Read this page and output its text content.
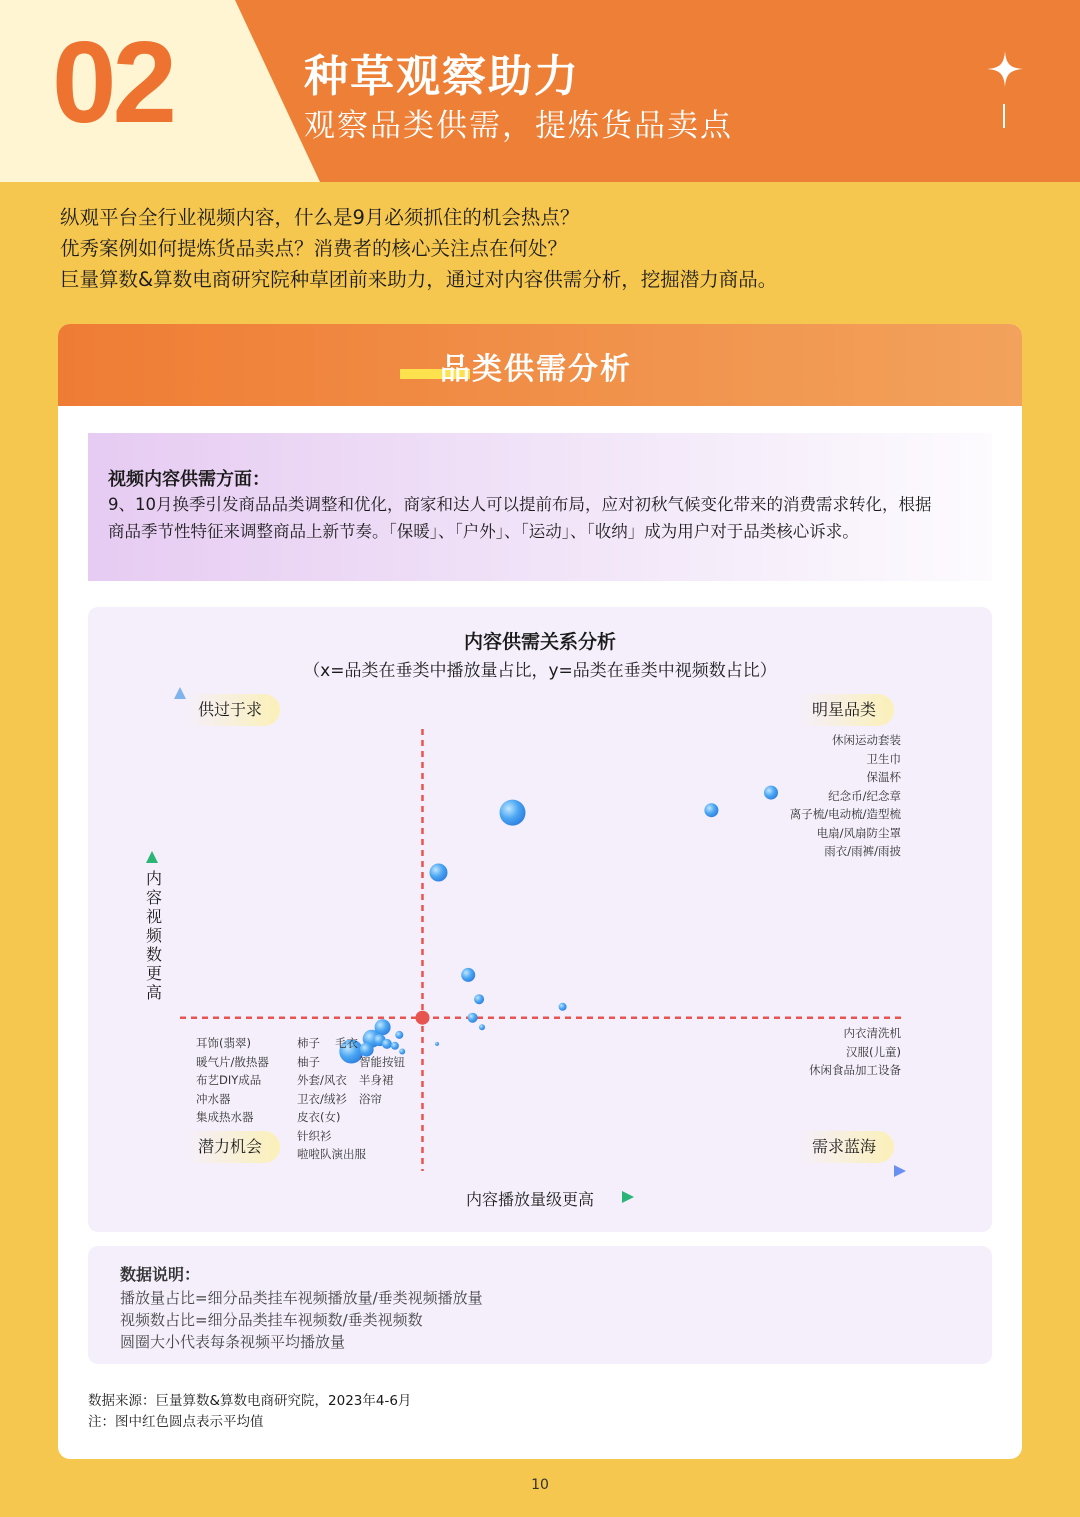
02	种草观察助力
观察品类供需，提炼货品卖点
纵观平台全行业视频内容，什么是9月必须抓住的机会热点？
优秀案例如何提炼货品卖点？消费者的核心关注点在何处？
巨量算数&算数电商研究院种草团前来助力，通过对内容供需分析，挖掘潜力商品。
品类供需分析
视频内容供需方面：
9、10月换季引发商品品类调整和优化，商家和达人可以提前布局，应对初秋气候变化带来的消费需求转化，根据
商品季节性特征来调整商品上新节奏。「保暖」、「户外」、「运动」、「收纳」成为用户对于品类核心诉求。
内容供需关系分析
（x=品类在垂类中播放量占比，y=品类在垂类中视频数占比）
供过于求	明星品类
潜力机会	需求蓝海
休闲运动套装
卫生巾
保温杯
纪念币/纪念章
离子梳/电动梳/造型梳
电扇/风扇防尘罩
雨衣/雨裤/雨披
内衣清洗机
汉服(儿童)
休闲食品加工设备
耳饰(翡翠)
暖气片/散热器
布艺DIY成品
冲水器
集成热水器
柿子
柚子
外套/风衣
卫衣/绒衫
皮衣(女)
针织衫
啦啦队演出服
毛衣
智能按钮
半身裙
浴帘
内
容
视
频
数
更
高
内容播放量级更高
数据说明：
播放量占比=细分品类挂车视频播放量/垂类视频播放量
视频数占比=细分品类挂车视频数/垂类视频数
圆圈大小代表每条视频平均播放量
数据来源：巨量算数&算数电商研究院，2023年4-6月
注：图中红色圆点表示平均值
10
